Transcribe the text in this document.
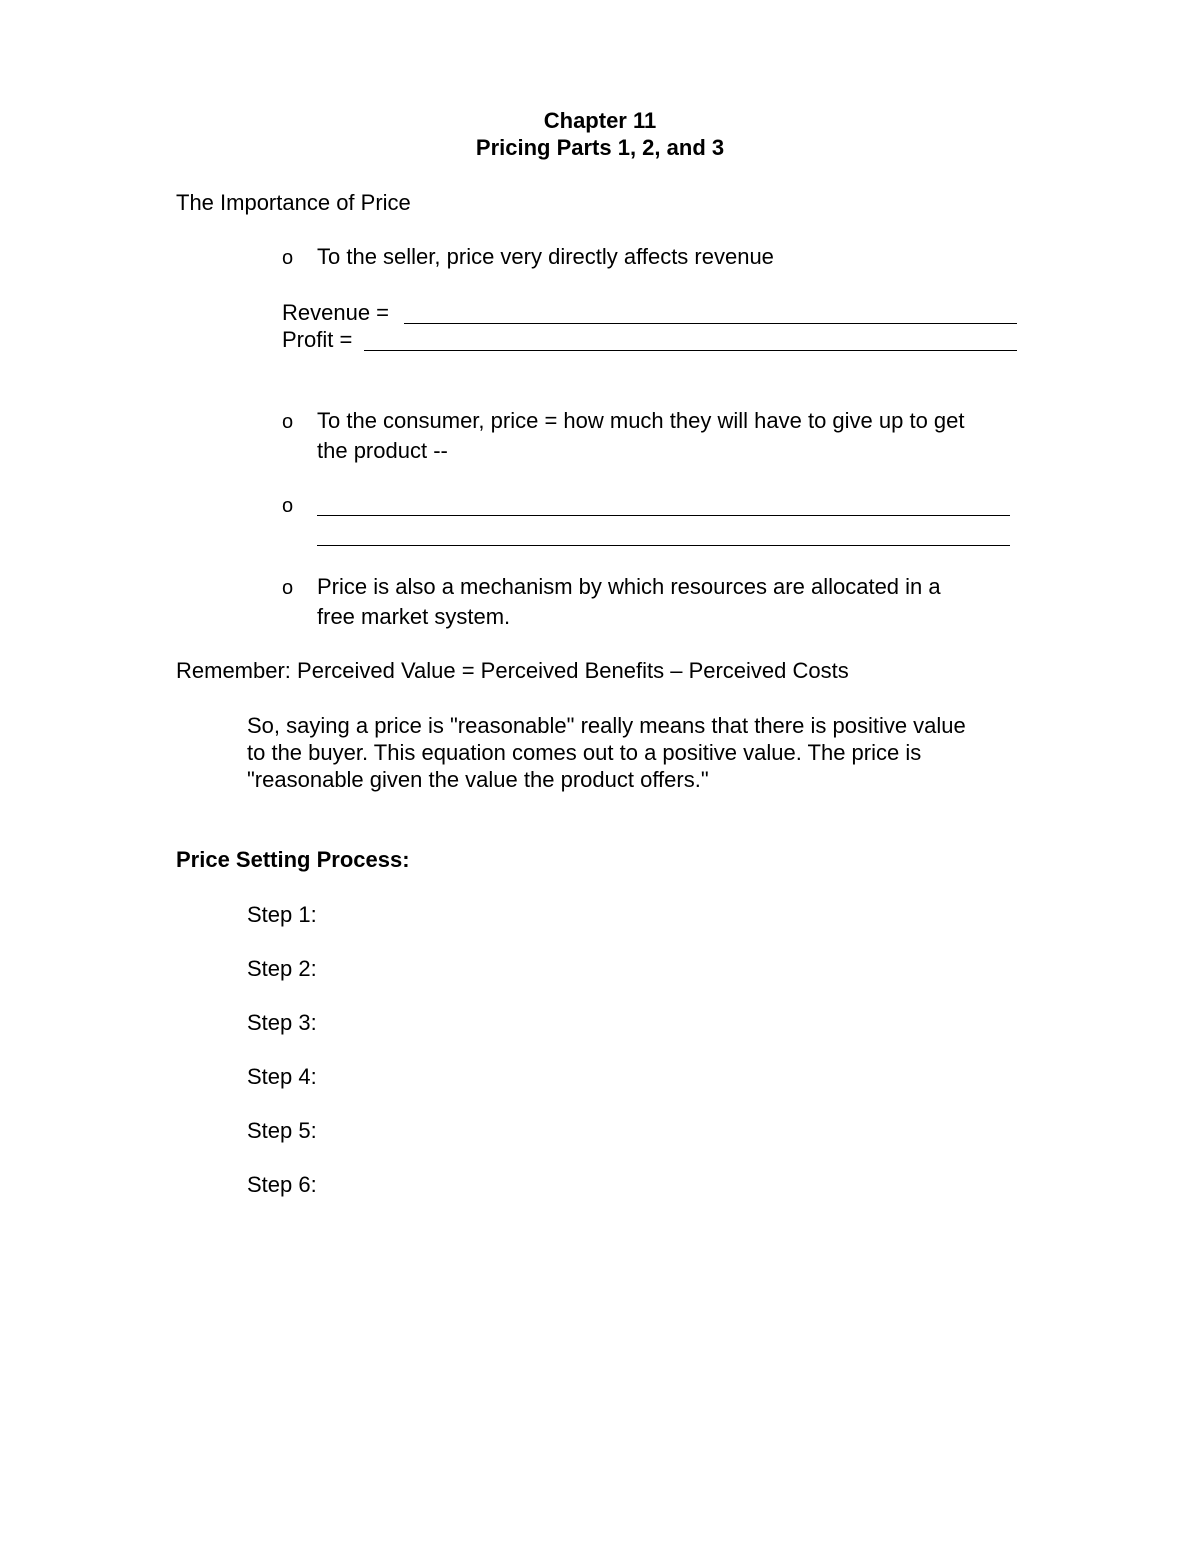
Chapter 11
Pricing Parts 1, 2, and 3
The Importance of Price
o To the seller, price very directly affects revenue
Revenue =
Profit =
o To the consumer, price = how much they will have to give up to get
the product --
o
o Price is also a mechanism by which resources are allocated in a
free market system.
Remember: Perceived Value = Perceived Benefits – Perceived Costs
So, saying a price is "reasonable" really means that there is positive value
to the buyer. This equation comes out to a positive value. The price is
"reasonable given the value the product offers."
Price Setting Process:
Step 1:
Step 2:
Step 3:
Step 4:
Step 5:
Step 6:
